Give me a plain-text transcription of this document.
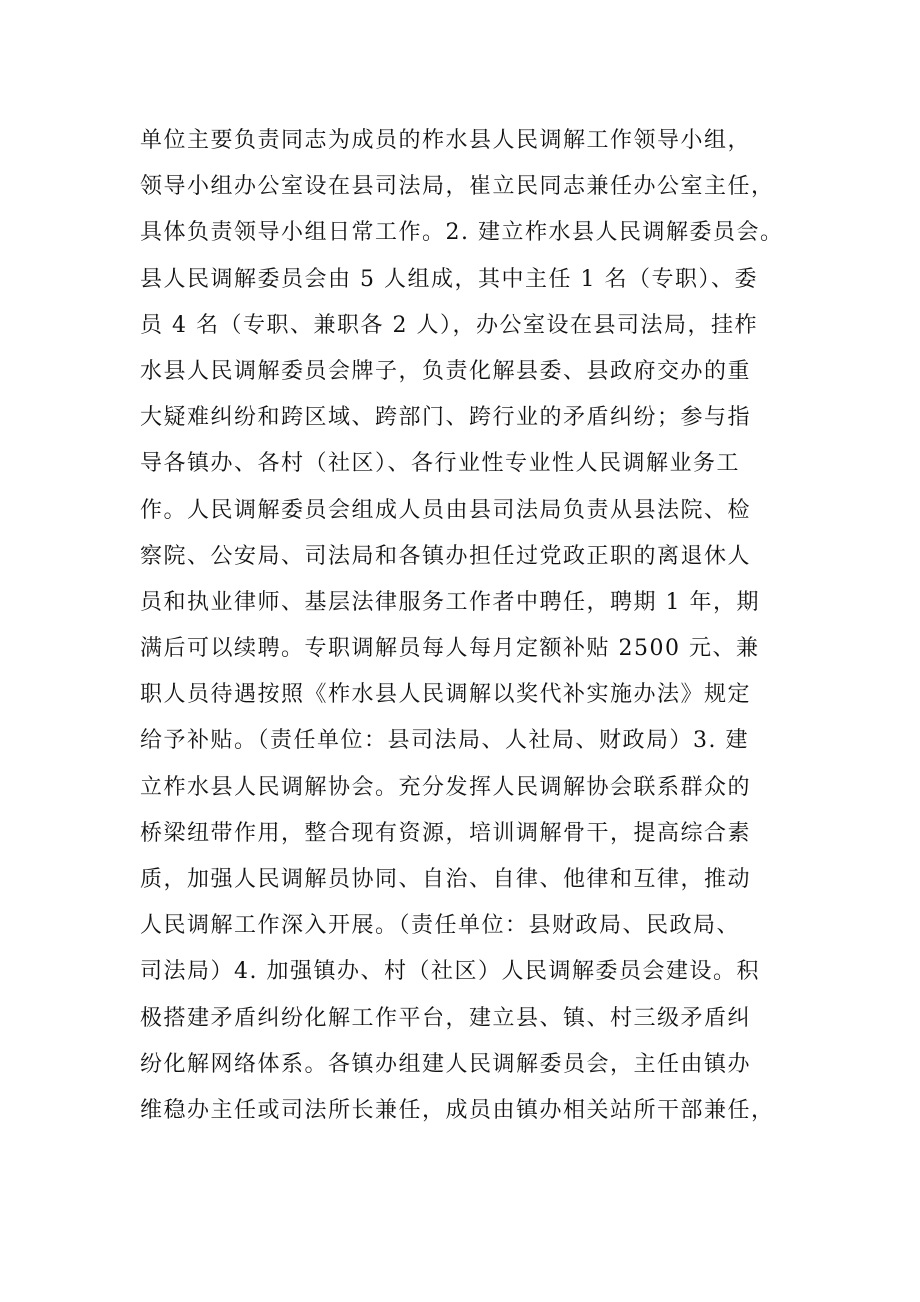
单位主要负责同志为成员的柞水县人民调解工作领导小组，
领导小组办公室设在县司法局，崔立民同志兼任办公室主任，
具体负责领导小组日常工作。2. 建立柞水县人民调解委员会。
县人民调解委员会由 5 人组成，其中主任 1 名（专职）、委
员 4 名（专职、兼职各 2 人），办公室设在县司法局，挂柞
水县人民调解委员会牌子，负责化解县委、县政府交办的重
大疑难纠纷和跨区域、跨部门、跨行业的矛盾纠纷；参与指
导各镇办、各村（社区）、各行业性专业性人民调解业务工
作。人民调解委员会组成人员由县司法局负责从县法院、检
察院、公安局、司法局和各镇办担任过党政正职的离退休人
员和执业律师、基层法律服务工作者中聘任，聘期 1 年，期
满后可以续聘。专职调解员每人每月定额补贴 2500 元、兼
职人员待遇按照《柞水县人民调解以奖代补实施办法》规定
给予补贴。（责任单位：县司法局、人社局、财政局）3. 建
立柞水县人民调解协会。充分发挥人民调解协会联系群众的
桥梁纽带作用，整合现有资源，培训调解骨干，提高综合素
质，加强人民调解员协同、自治、自律、他律和互律，推动
人民调解工作深入开展。（责任单位：县财政局、民政局、
司法局）4. 加强镇办、村（社区）人民调解委员会建设。积
极搭建矛盾纠纷化解工作平台，建立县、镇、村三级矛盾纠
纷化解网络体系。各镇办组建人民调解委员会，主任由镇办
维稳办主任或司法所长兼任，成员由镇办相关站所干部兼任，
